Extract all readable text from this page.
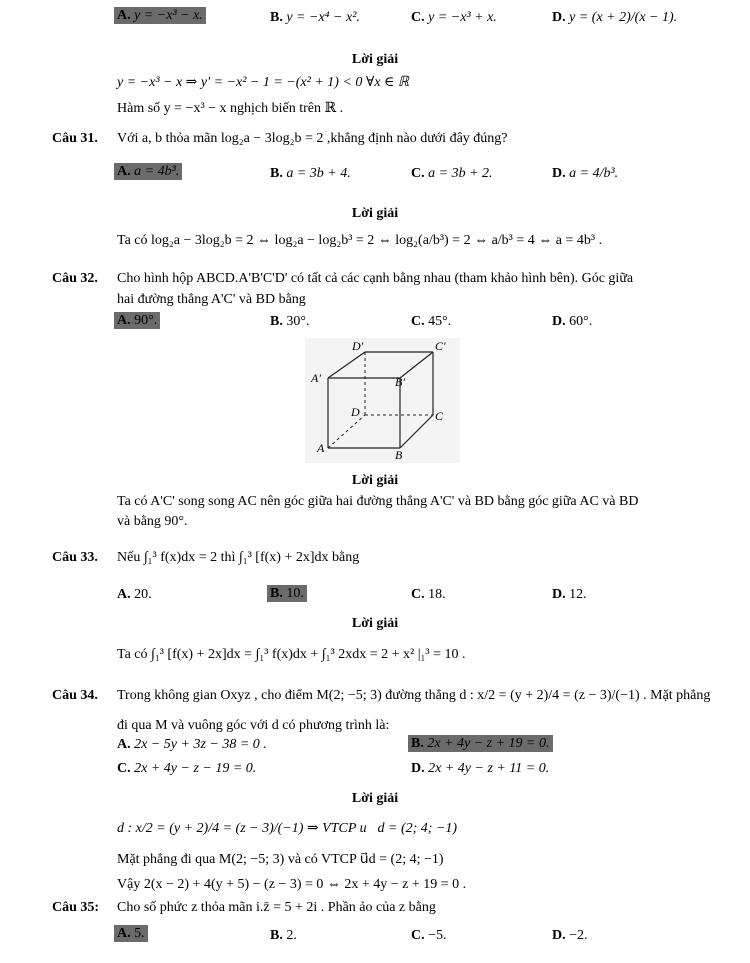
A. y = −x³ − x.	B. y = −x⁴ − x².	C. y = −x³ + x.	D. y = (x + 2)/(x − 1).
Lời giải
y = −x³ − x ⇒ y' = −x² − 1 = −(x² + 1) < 0 ∀x ∈ ℝ
Hàm số y = −x³ − x nghịch biến trên ℝ .
Câu 31. Với a, b thỏa mãn log₂a − 3log₂b = 2 ,khẳng định nào dưới đây đúng?
A. a = 4b³.	B. a = 3b + 4.	C. a = 3b + 2.	D. a = 4/b³.
Lời giải
Ta có log₂a − 3log₂b = 2 ⇔ log₂a − log₂b³ = 2 ⇔ log₂(a/b³) = 2 ⇔ a/b³ = 4 ⇔ a = 4b³ .
Câu 32. Cho hình hộp ABCD.A'B'C'D' có tất cả các cạnh bằng nhau (tham khảo hình bên). Góc giữa
hai đường thẳng A'C' và BD bằng
A. 90°.	B. 30°.	C. 45°.	D. 60°.
D'	C'
A'	B'
D	C
A	B
Lời giải
Ta có A'C' song song AC nên góc giữa hai đường thẳng A'C' và BD bằng góc giữa AC và BD
và bằng 90°.
Câu 33. Nếu ∫₁³ f(x)dx = 2 thì ∫₁³ [f(x) + 2x]dx bằng
A. 20.	B. 10.	C. 18.	D. 12.
Lời giải
Ta có ∫₁³ [f(x) + 2x]dx = ∫₁³ f(x)dx + ∫₁³ 2xdx = 2 + x² |₁³ = 10 .
Câu 34. Trong không gian Oxyz , cho điểm M(2; −5; 3) đường thẳng d : x/2 = (y + 2)/4 = (z − 3)/(−1) . Mặt phẳng
đi qua M và vuông góc với d có phương trình là:
A. 2x − 5y + 3z − 38 = 0 .	B. 2x + 4y − z + 19 = 0.
C. 2x + 4y − z − 19 = 0.	D. 2x + 4y − z + 11 = 0.
Lời giải
d : x/2 = (y + 2)/4 = (z − 3)/(−1) ⇒ VTCP u⃗d = (2; 4; −1)
Mặt phẳng đi qua M(2; −5; 3) và có VTCP u⃗d = (2; 4; −1)
Vậy 2(x − 2) + 4(y + 5) − (z − 3) = 0 ⇔ 2x + 4y − z + 19 = 0 .
Câu 35: Cho số phức z thỏa mãn i.z̄ = 5 + 2i . Phần ảo của z bằng
A. 5.	B. 2.	C. −5.	D. −2.
